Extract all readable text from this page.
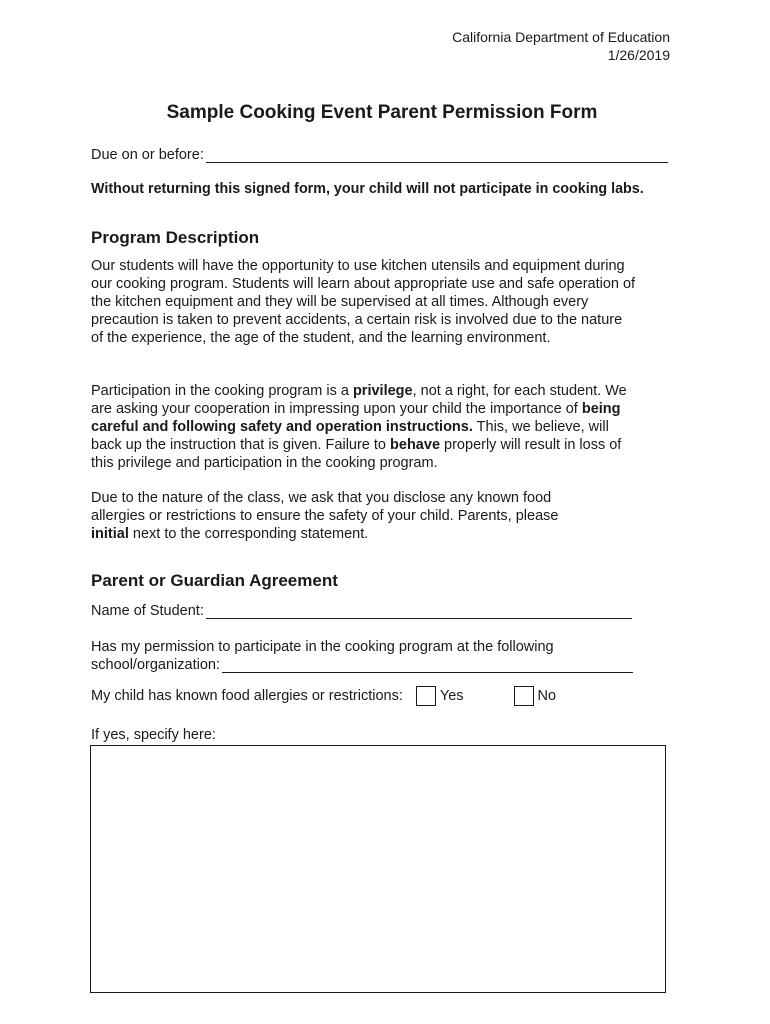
California Department of Education
1/26/2019
Sample Cooking Event Parent Permission Form
Due on or before:

Without returning this signed form, your child will not participate in cooking labs.

Program Description

Our students will have the opportunity to use kitchen utensils and equipment during our cooking program. Students will learn about appropriate use and safe operation of the kitchen equipment and they will be supervised at all times. Although every precaution is taken to prevent accidents, a certain risk is involved due to the nature of the experience, the age of the student, and the learning environment.

Participation in the cooking program is a privilege, not a right, for each student. We are asking your cooperation in impressing upon your child the importance of being careful and following safety and operation instructions. This, we believe, will back up the instruction that is given. Failure to behave properly will result in loss of this privilege and participation in the cooking program.

Due to the nature of the class, we ask that you disclose any known food allergies or restrictions to ensure the safety of your child. Parents, please initial next to the corresponding statement.

Parent or Guardian Agreement
Name of Student:

Has my permission to participate in the cooking program at the following

school/organization:
My child has known food allergies or restrictions:	Yes	No
If yes, specify here:
